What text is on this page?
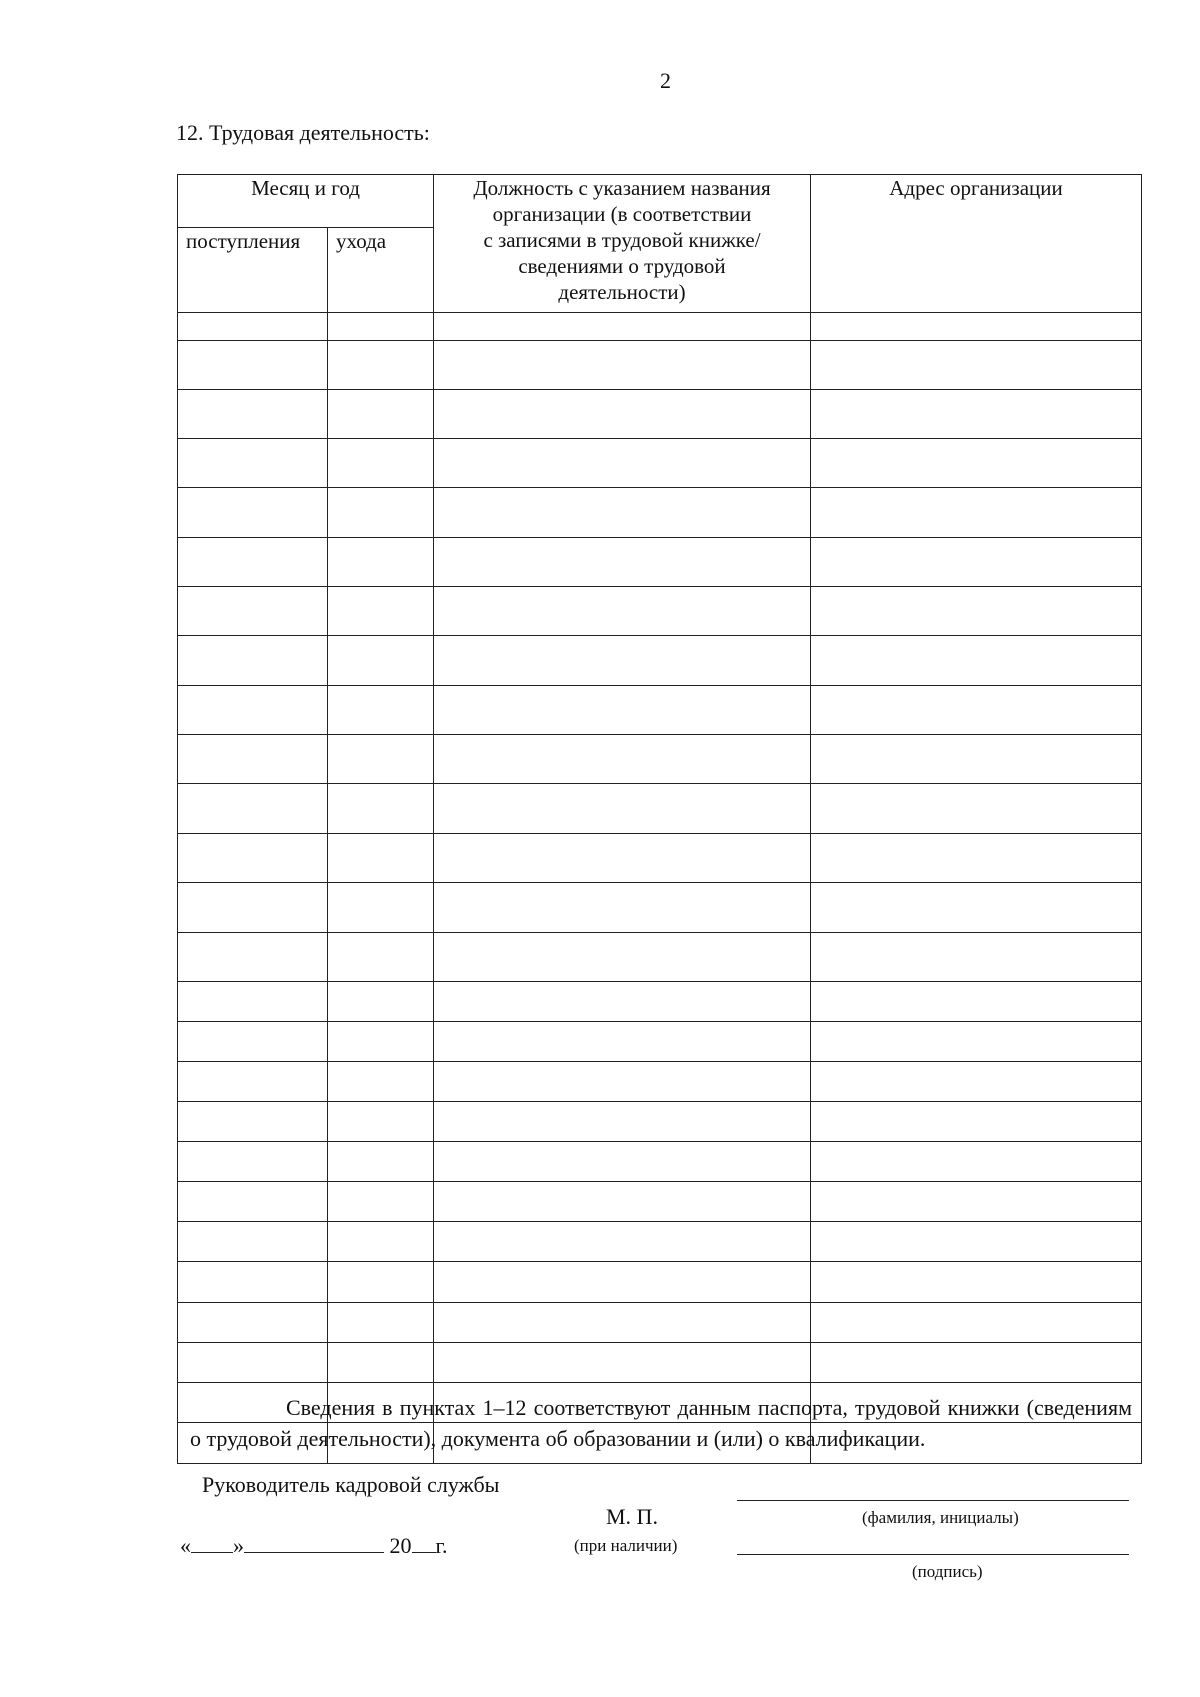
2
12. Трудовая деятельность:
Месяц и год		Должность с указанием названия
организации (в соответствии
с записями в трудовой книжке/
сведениями о трудовой
деятельности)	Адрес организации

поступления	ухода		

Сведения в пунктах 1–12 соответствуют данным паспорта, трудовой книжки (сведениям о трудовой деятельности), документа об образовании и (или) о квалификации.
Руководитель кадровой службы
М. П.
(при наличии)
(фамилия, инициалы)
(подпись)
« »	20 г.
